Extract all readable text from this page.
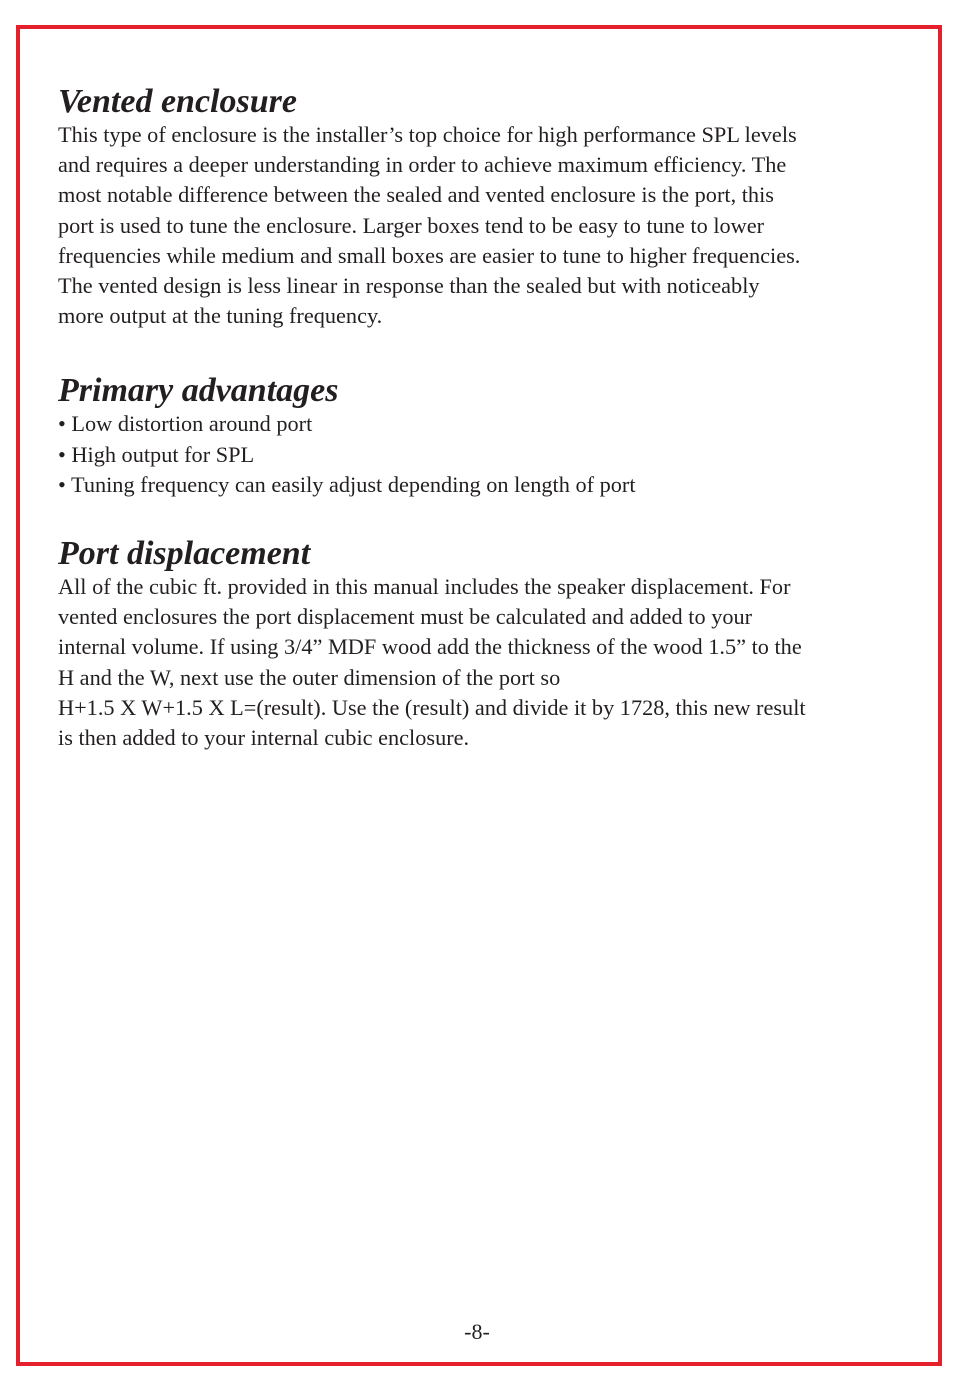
Vented enclosure

This type of enclosure is the installer’s top choice for high performance SPL levels
and requires a deeper understanding in order to achieve maximum efficiency. The
most notable difference between the sealed and vented enclosure is the port, this
port is used to tune the enclosure. Larger boxes tend to be easy to tune to lower
frequencies while medium and small boxes are easier to tune to higher frequencies.
The vented design is less linear in response than the sealed but with noticeably
more output at the tuning frequency.

Primary advantages
• Low distortion around port
• High output for SPL
• Tuning frequency can easily adjust depending on length of port
Port displacement

All of the cubic ft. provided in this manual includes the speaker displacement. For
vented enclosures the port displacement must be calculated and added to your
internal volume. If using 3/4” MDF wood add the thickness of the wood 1.5” to the
H and the W, next use the outer dimension of the port so
H+1.5 X W+1.5 X L=(result). Use the (result) and divide it by 1728, this new result
is then added to your internal cubic enclosure.

-8-
